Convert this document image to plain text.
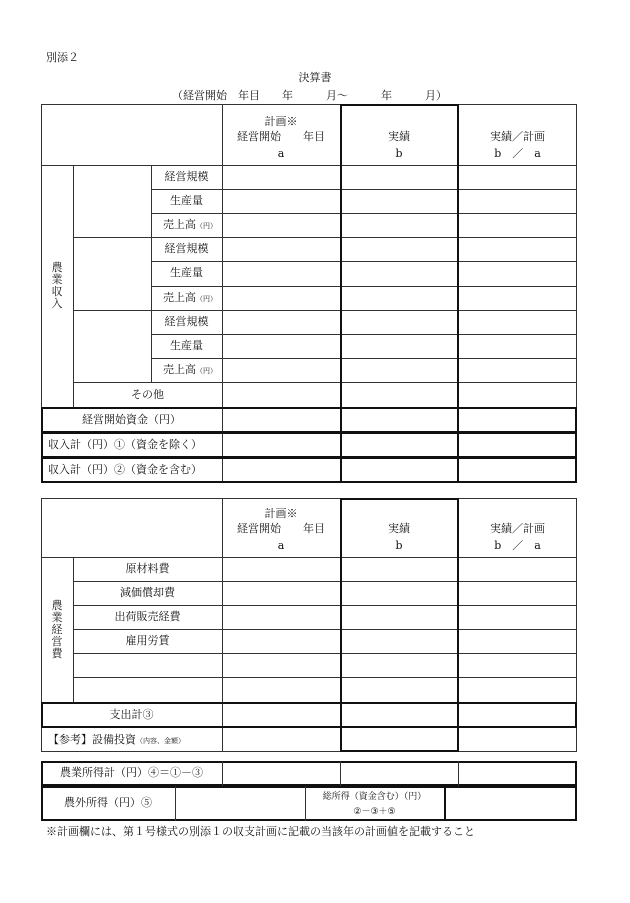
別添２
決算書
（経営開始　年目　　年　　　月～　　　年　　　月）
計画※
経営開始　　年目
a
実績
b
実績／計画
b　／　a
農業収入
経営規模
生産量
売上高（円）
経営規模
生産量
売上高（円）
経営規模
生産量
売上高（円）
その他
経営開始資金（円）
収入計（円）①（資金を除く）
収入計（円）②（資金を含む）
計画※
経営開始　　年目
a
実績
b
実績／計画
b　／　a
農業経営費
原材料費
減価償却費
出荷販売経費
雇用労賃
支出計③
【参考】設備投資（内容、金額）
農業所得計（円）④＝①－③
農外所得（円）⑤	総所得（資金含む）（円）
②－③＋⑤
※計画欄には、第１号様式の別添１の収支計画に記載の当該年の計画値を記載すること
